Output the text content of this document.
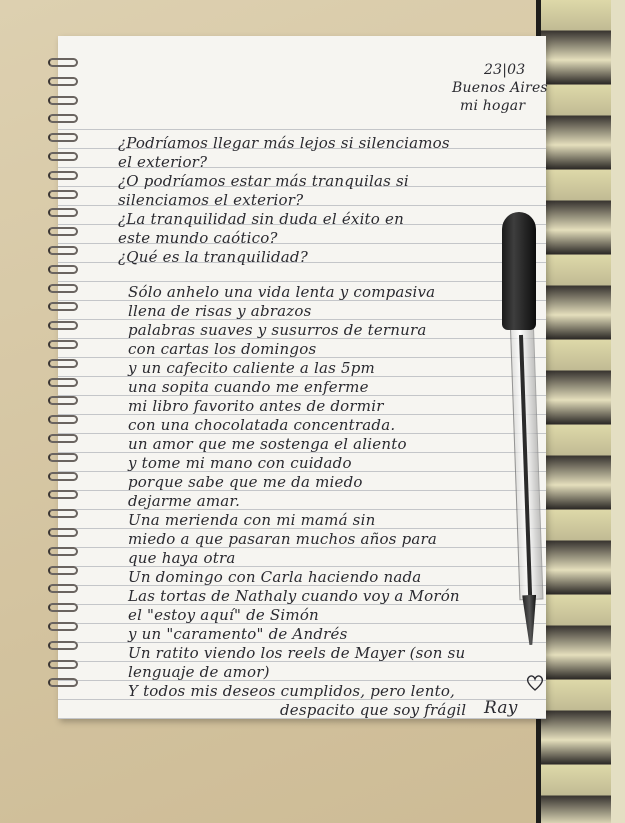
23|03
Buenos Aires
mi hogar
¿Podríamos llegar más lejos si silenciamos
el exterior?
¿O podríamos estar más tranquilas si
silenciamos el exterior?
¿La tranquilidad sin duda el éxito en
este mundo caótico?
¿Qué es la tranquilidad?
Sólo anhelo una vida lenta y compasiva
llena de risas y abrazos
palabras suaves y susurros de ternura
con cartas los domingos
y un cafecito caliente a las 5pm
una sopita cuando me enferme
mi libro favorito antes de dormir
con una chocolatada concentrada.
un amor que me sostenga el aliento
y tome mi mano con cuidado
porque sabe que me da miedo
dejarme amar.
Una merienda con mi mamá sin
miedo a que pasaran muchos años para
que haya otra
Un domingo con Carla haciendo nada
Las tortas de Nathaly cuando voy a Morón
el "estoy aquí" de Simón
y un "caramento" de Andrés
Un ratito viendo los reels de Mayer (son su
lenguaje de amor)
Y todos mis deseos cumplidos, pero lento,
despacito que soy frágil Ray
